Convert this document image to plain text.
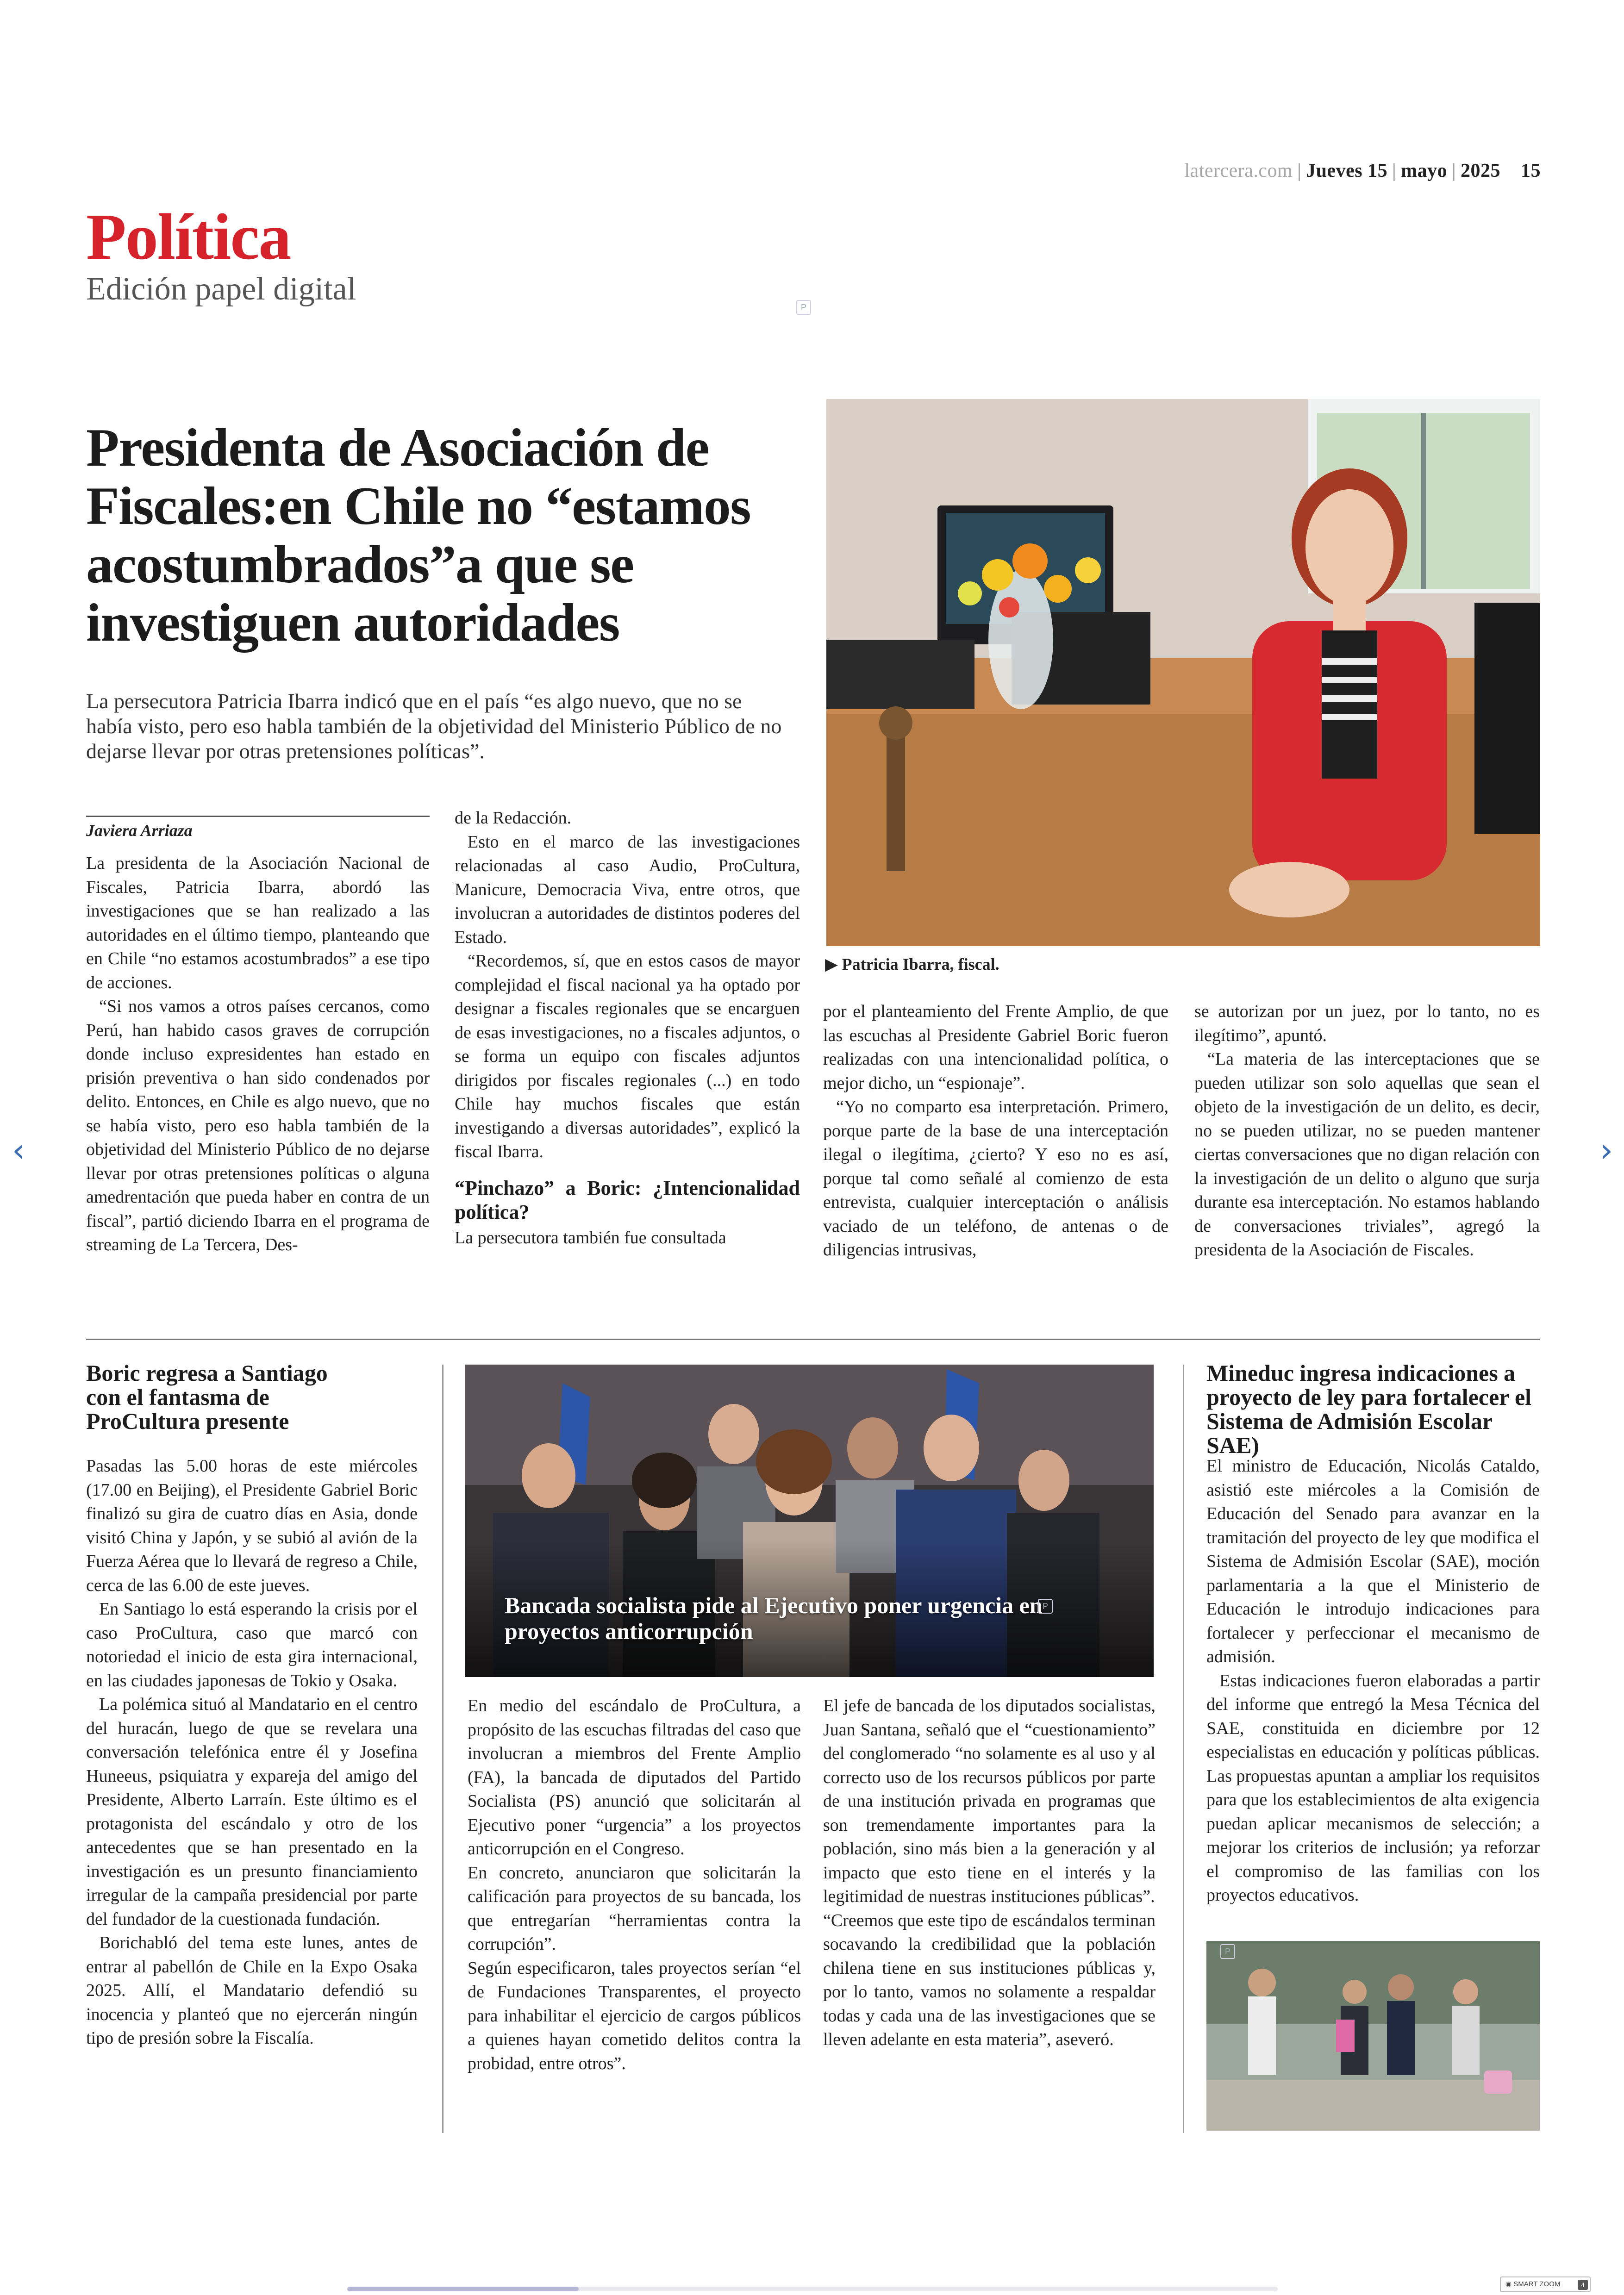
latercera.com | Jueves 15 | mayo | 2025 15
Política
Edición papel digital
P
Presidenta de Asociación de Fiscales:en Chile no “estamos acostumbrados”a que se investiguen autoridades

La persecutora Patricia Ibarra indicó que en el país “es algo nuevo, que no se había visto, pero eso habla también de la objetividad del Ministerio Público de no dejarse llevar por otras pretensiones políticas”.

Javiera Arriaza

La presidenta de la Asociación Nacional de Fiscales, Patricia Ibarra, abordó las investigaciones que se han realizado a las autoridades en el último tiempo, planteando que en Chile “no estamos acostumbrados” a ese tipo de acciones.

“Si nos vamos a otros países cercanos, como Perú, han habido casos graves de corrupción donde incluso expresidentes han estado en prisión preventiva o han sido condenados por delito. Entonces, en Chile es algo nuevo, que no se había visto, pero eso habla también de la objetividad del Ministerio Público de no dejarse llevar por otras pretensiones políticas o alguna amedrentación que pueda haber en contra de un fiscal”, partió diciendo Ibarra en el programa de streaming de La Tercera, Des-

de la Redacción.

Esto en el marco de las investigaciones relacionadas al caso Audio, ProCultura, Manicure, Democracia Viva, entre otros, que involucran a autoridades de distintos poderes del Estado.

“Recordemos, sí, que en estos casos de mayor complejidad el fiscal nacional ya ha optado por designar a fiscales regionales que se encarguen de esas investigaciones, no a fiscales adjuntos, o se forma un equipo con fiscales adjuntos dirigidos por fiscales regionales (...) en todo Chile hay muchos fiscales que están investigando a diversas autoridades”, explicó la fiscal Ibarra.

“Pinchazo” a Boric: ¿Intencionalidad política?

La persecutora también fue consultada

▶ Patricia Ibarra, fiscal.

por el planteamiento del Frente Amplio, de que las escuchas al Presidente Gabriel Boric fueron realizadas con una intencionalidad política, o mejor dicho, un “espionaje”.

“Yo no comparto esa interpretación. Primero, porque parte de la base de una interceptación ilegal o ilegítima, ¿cierto? Y eso no es así, porque tal como señalé al comienzo de esta entrevista, cualquier interceptación o análisis vaciado de un teléfono, de antenas o de diligencias intrusivas,

se autorizan por un juez, por lo tanto, no es ilegítimo”, apuntó.

“La materia de las interceptaciones que se pueden utilizar son solo aquellas que sean el objeto de la investigación de un delito, es decir, no se pueden utilizar, no se pueden mantener ciertas conversaciones que no digan relación con la investigación de un delito o alguno que surja durante esa interceptación. No estamos hablando de conversaciones triviales”, agregó la presidenta de la Asociación de Fiscales.

Boric regresa a Santiago con el fantasma de ProCultura presente

Pasadas las 5.00 horas de este miércoles (17.00 en Beijing), el Presidente Gabriel Boric finalizó su gira de cuatro días en Asia, donde visitó China y Japón, y se subió al avión de la Fuerza Aérea que lo llevará de regreso a Chile, cerca de las 6.00 de este jueves.

En Santiago lo está esperando la crisis por el caso ProCultura, caso que marcó con notoriedad el inicio de esta gira internacional, en las ciudades japonesas de Tokio y Osaka.

La polémica situó al Mandatario en el centro del huracán, luego de que se revelara una conversación telefónica entre él y Josefina Huneeus, psiquiatra y expareja del amigo del Presidente, Alberto Larraín. Este último es el protagonista del escándalo y otro de los antecedentes que se han presentado en la investigación es un presunto financiamiento irregular de la campaña presidencial por parte del fundador de la cuestionada fundación.

Borichabló del tema este lunes, antes de entrar al pabellón de Chile en la Expo Osaka 2025. Allí, el Mandatario defendió su inocencia y planteó que no ejercerán ningún tipo de presión sobre la Fiscalía.

Bancada socialista pide al Ejecutivo poner urgencia en proyectos anticorrupción
P

En medio del escándalo de ProCultura, a propósito de las escuchas filtradas del caso que involucran a miembros del Frente Amplio (FA), la bancada de diputados del Partido Socialista (PS) anunció que solicitarán al Ejecutivo poner “urgencia” a los proyectos anticorrupción en el Congreso.

En concreto, anunciaron que solicitarán la calificación para proyectos de su bancada, los que entregarían “herramientas contra la corrupción”.

Según especificaron, tales proyectos serían “el de Fundaciones Transparentes, el proyecto para inhabilitar el ejercicio de cargos públicos a quienes hayan cometido delitos contra la probidad, entre otros”.

El jefe de bancada de los diputados socialistas, Juan Santana, señaló que el “cuestionamiento” del conglomerado “no solamente es al uso y al correcto uso de los recursos públicos por parte de una institución privada en programas que son tremendamente importantes para la población, sino más bien a la generación y al impacto que esto tiene en el interés y la legitimidad de nuestras instituciones públicas”.

“Creemos que este tipo de escándalos terminan socavando la credibilidad que la población chilena tiene en sus instituciones públicas y, por lo tanto, vamos no solamente a respaldar todas y cada una de las investigaciones que se lleven adelante en esta materia”, aseveró.

Mineduc ingresa indicaciones a proyecto de ley para fortalecer el Sistema de Admisión Escolar SAE)

El ministro de Educación, Nicolás Cataldo, asistió este miércoles a la Comisión de Educación del Senado para avanzar en la tramitación del proyecto de ley que modifica el Sistema de Admisión Escolar (SAE), moción parlamentaria a la que el Ministerio de Educación le introdujo indicaciones para fortalecer y perfeccionar el mecanismo de admisión.

Estas indicaciones fueron elaboradas a partir del informe que entregó la Mesa Técnica del SAE, constituida en diciembre por 12 especialistas en educación y políticas públicas. Las propuestas apuntan a ampliar los requisitos para que los establecimientos de alta exigencia puedan aplicar mecanismos de selección; a mejorar los criterios de inclusión; ya reforzar el compromiso de las familias con los proyectos educativos.

P
‹	›
◉ SMART ZOOM	4
